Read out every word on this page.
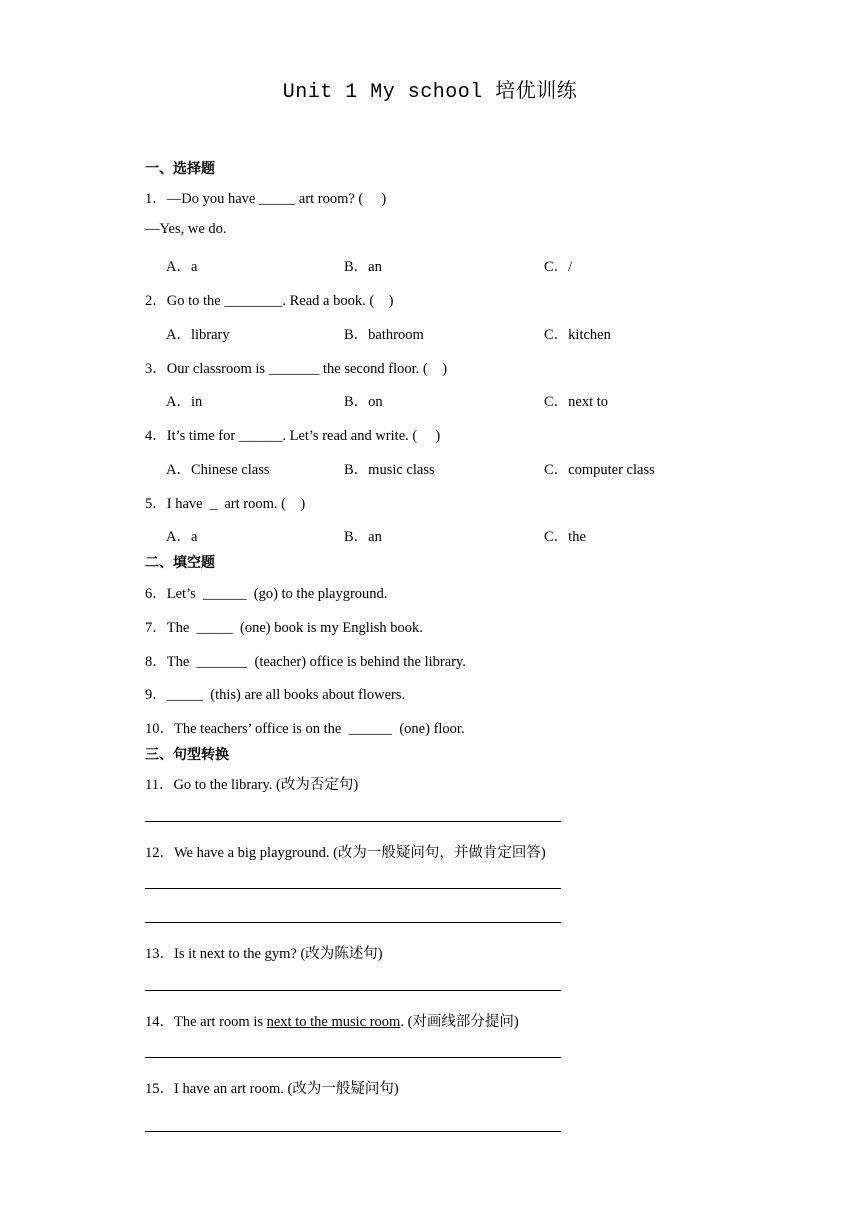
Unit 1 My school 培优训练
一、选择题
1．—Do you have _____ art room? (     )
—Yes, we do.
A．a	B．an	C．/
2．Go to the ________. Read a book. (    )
A．library	B．bathroom	C．kitchen
3．Our classroom is _______ the second floor. (    )
A．in	B．on	C．next to
4．It’s time for ______. Let’s read and write. (     )
A．Chinese class	B．music class	C．computer class
5．I have  _  art room. (    )
A．a	B．an	C．the
二、填空题
6．Let’s  ______  (go) to the playground.
7．The  _____  (one) book is my English book.
8．The  _______  (teacher) office is behind the library.
9．_____  (this) are all books about flowers.
10．The teachers’ office is on the  ______  (one) floor.
三、句型转换
11．Go to the library. (改为否定句)
12．We have a big playground. (改为一般疑问句，并做肯定回答)
13．Is it next to the gym? (改为陈述句)
14．The art room is next to the music room. (对画线部分提问)
15．I have an art room. (改为一般疑问句)
